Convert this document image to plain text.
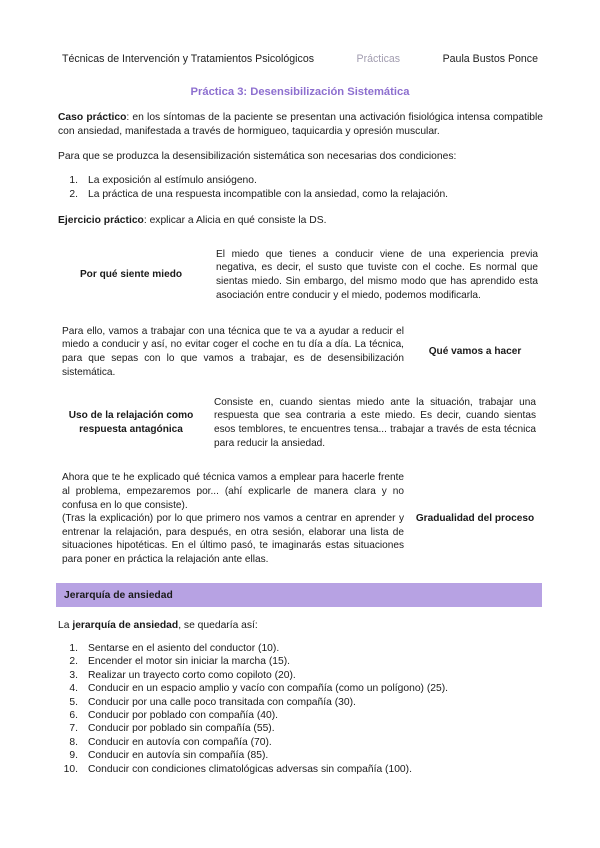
Técnicas de Intervención y Tratamientos Psicológicos	Prácticas	Paula Bustos Ponce
Práctica 3: Desensibilización Sistemática
Caso práctico: en los síntomas de la paciente se presentan una activación fisiológica intensa compatible con ansiedad, manifestada a través de hormigueo, taquicardia y opresión muscular.
Para que se produzca la desensibilización sistemática son necesarias dos condiciones:
1. La exposición al estímulo ansiógeno.
2. La práctica de una respuesta incompatible con la ansiedad, como la relajación.
Ejercicio práctico: explicar a Alicia en qué consiste la DS.
Por qué siente miedo
El miedo que tienes a conducir viene de una experiencia previa negativa, es decir, el susto que tuviste con el coche. Es normal que sientas miedo. Sin embargo, del mismo modo que has aprendido esta asociación entre conducir y el miedo, podemos modificarla.
Para ello, vamos a trabajar con una técnica que te va a ayudar a reducir el miedo a conducir y así, no evitar coger el coche en tu día a día. La técnica, para que sepas con lo que vamos a trabajar, es de desensibilización sistemática.
Qué vamos a hacer
Uso de la relajación como respuesta antagónica
Consiste en, cuando sientas miedo ante la situación, trabajar una respuesta que sea contraria a este miedo. Es decir, cuando sientas esos temblores, te encuentres tensa... trabajar a través de esta técnica para reducir la ansiedad.
Ahora que te he explicado qué técnica vamos a emplear para hacerle frente al problema, empezaremos por... (ahí explicarle de manera clara y no confusa en lo que consiste).
(Tras la explicación) por lo que primero nos vamos a centrar en aprender y entrenar la relajación, para después, en otra sesión, elaborar una lista de situaciones hipotéticas. En el último pasó, te imaginarás estas situaciones para poner en práctica la relajación ante ellas.
Gradualidad del proceso
Jerarquía de ansiedad
La jerarquía de ansiedad, se quedaría así:
1. Sentarse en el asiento del conductor (10).
2. Encender el motor sin iniciar la marcha (15).
3. Realizar un trayecto corto como copiloto (20).
4. Conducir en un espacio amplio y vacío con compañía (como un polígono) (25).
5. Conducir por una calle poco transitada con compañía (30).
6. Conducir por poblado con compañía (40).
7. Conducir por poblado sin compañía (55).
8. Conducir en autovía con compañía (70).
9. Conducir en autovía sin compañía (85).
10. Conducir con condiciones climatológicas adversas sin compañía (100).
